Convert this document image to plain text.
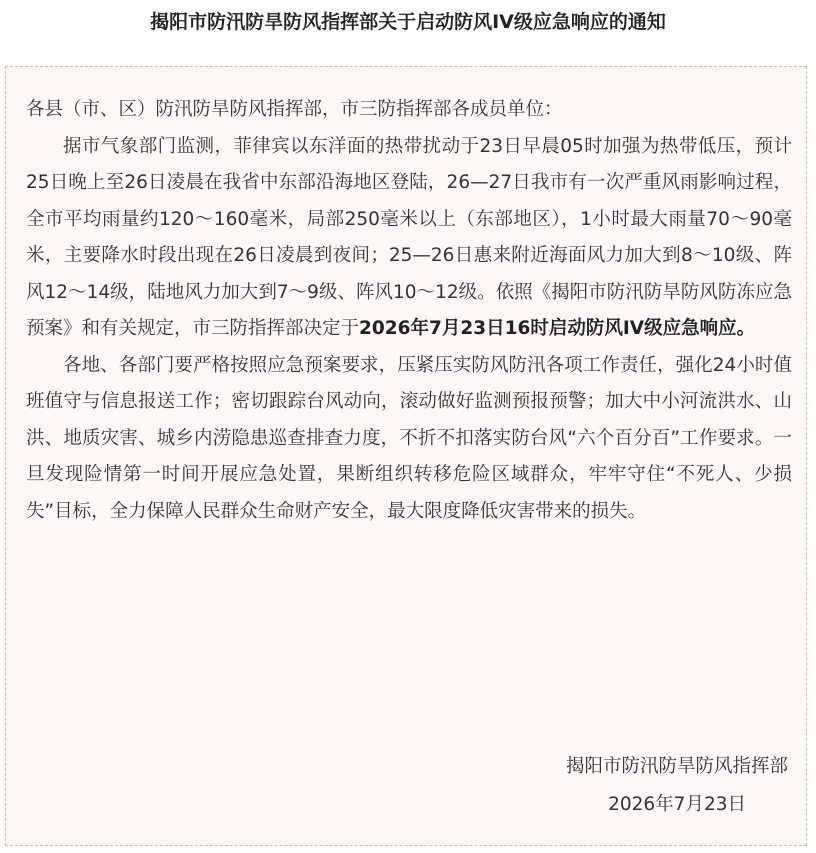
揭阳市防汛防旱防风指挥部关于启动防风IV级应急响应的通知

各县（市、区）防汛防旱防风指挥部，市三防指挥部各成员单位：

据市气象部门监测，菲律宾以东洋面的热带扰动于23日早晨05时加强为热带低压，预计25日晚上至26日凌晨在我省中东部沿海地区登陆，26—27日我市有一次严重风雨影响过程，全市平均雨量约120～160毫米，局部250毫米以上（东部地区），1小时最大雨量70～90毫米，主要降水时段出现在26日凌晨到夜间；25—26日惠来附近海面风力加大到8～10级、阵风12～14级，陆地风力加大到7～9级、阵风10～12级。依照《揭阳市防汛防旱防风防冻应急预案》和有关规定，市三防指挥部决定于2026年7月23日16时启动防风IV级应急响应。

各地、各部门要严格按照应急预案要求，压紧压实防风防汛各项工作责任，强化24小时值班值守与信息报送工作；密切跟踪台风动向，滚动做好监测预报预警；加大中小河流洪水、山洪、地质灾害、城乡内涝隐患巡查排查力度，不折不扣落实防台风“六个百分百”工作要求。一旦发现险情第一时间开展应急处置，果断组织转移危险区域群众，牢牢守住“不死人、少损失”目标，全力保障人民群众生命财产安全，最大限度降低灾害带来的损失。

揭阳市防汛防旱防风指挥部
2026年7月23日
